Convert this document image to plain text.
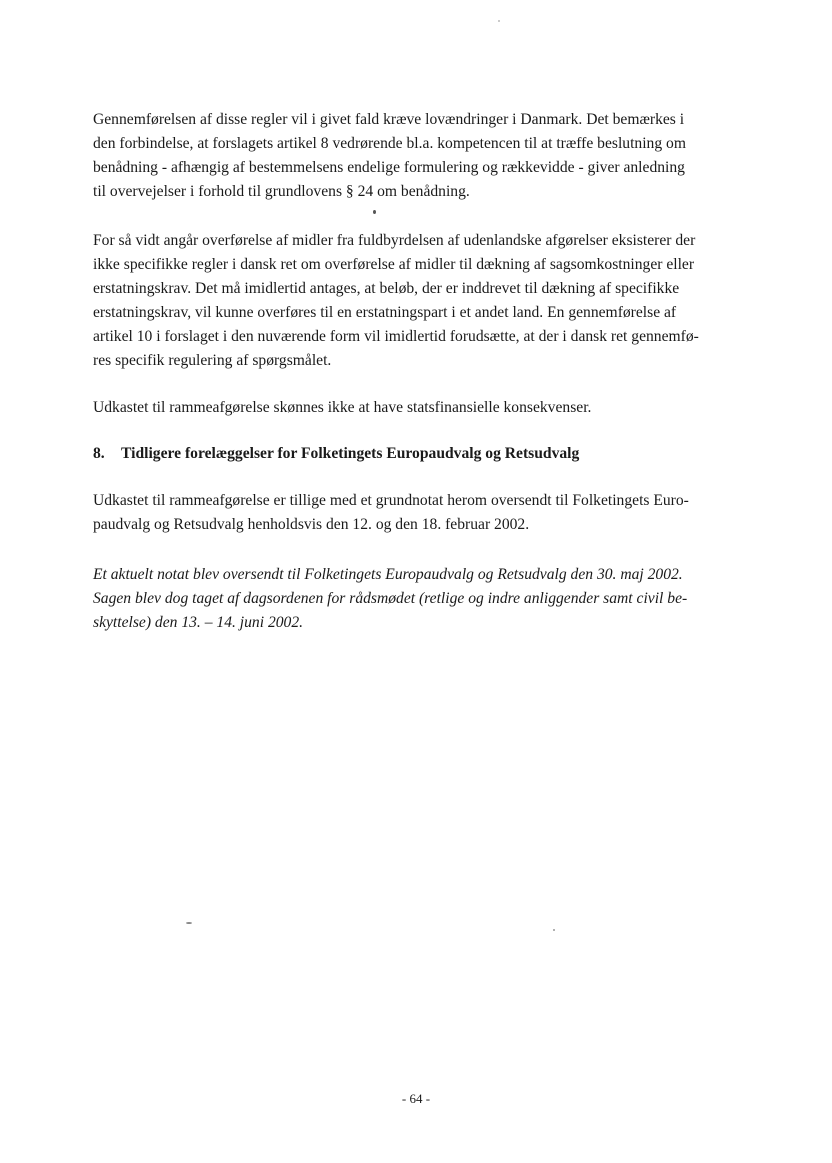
Gennemførelsen af disse regler vil i givet fald kræve lovændringer i Danmark. Det bemærkes i
den forbindelse, at forslagets artikel 8 vedrørende bl.a. kompetencen til at træffe beslutning om
benådning - afhængig af bestemmelsens endelige formulering og rækkevidde - giver anledning
til overvejelser i forhold til grundlovens § 24 om benådning.

For så vidt angår overførelse af midler fra fuldbyrdelsen af udenlandske afgørelser eksisterer der
ikke specifikke regler i dansk ret om overførelse af midler til dækning af sagsomkostninger eller
erstatningskrav. Det må imidlertid antages, at beløb, der er inddrevet til dækning af specifikke
erstatningskrav, vil kunne overføres til en erstatningspart i et andet land. En gennemførelse af
artikel 10 i forslaget i den nuværende form vil imidlertid forudsætte, at der i dansk ret gennemfø-
res specifik regulering af spørgsmålet.

Udkastet til rammeafgørelse skønnes ikke at have statsfinansielle konsekvenser.

8. Tidligere forelæggelser for Folketingets Europaudvalg og Retsudvalg

Udkastet til rammeafgørelse er tillige med et grundnotat herom oversendt til Folketingets Euro-
paudvalg og Retsudvalg henholdsvis den 12. og den 18. februar 2002.

Et aktuelt notat blev oversendt til Folketingets Europaudvalg og Retsudvalg den 30. maj 2002.
Sagen blev dog taget af dagsordenen for rådsmødet (retlige og indre anliggender samt civil be-
skyttelse) den 13. – 14. juni 2002.

- 64 -
